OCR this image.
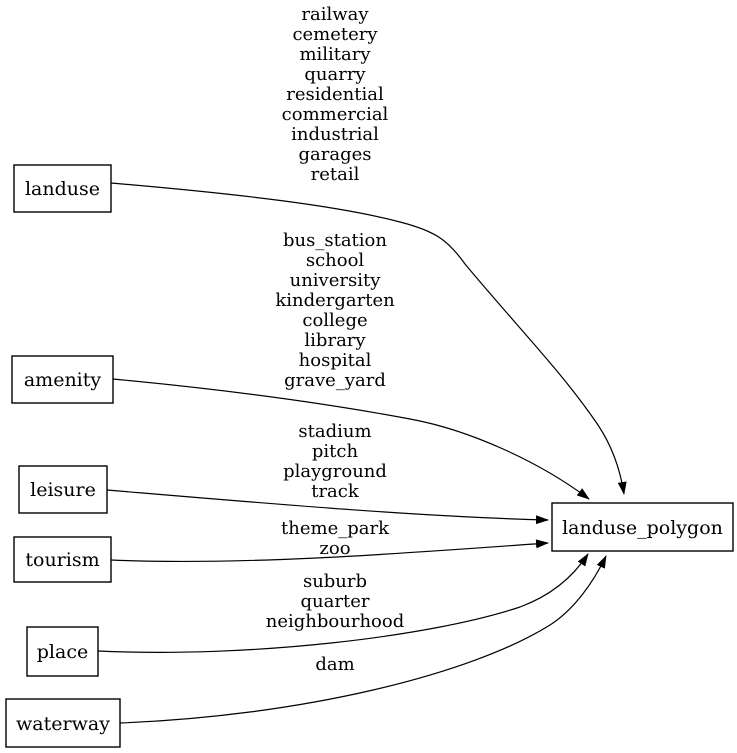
railway
cemetery
military
quarry
residential
commercial
industrial
garages
retail
bus_station
school
university
kindergarten
college
library
hospital
grave_yard
stadium
pitch
playground
track
theme_park
zoo
suburb
quarter
neighbourhood
dam
landuse
amenity
leisure
tourism
place
waterway
landuse_polygon
